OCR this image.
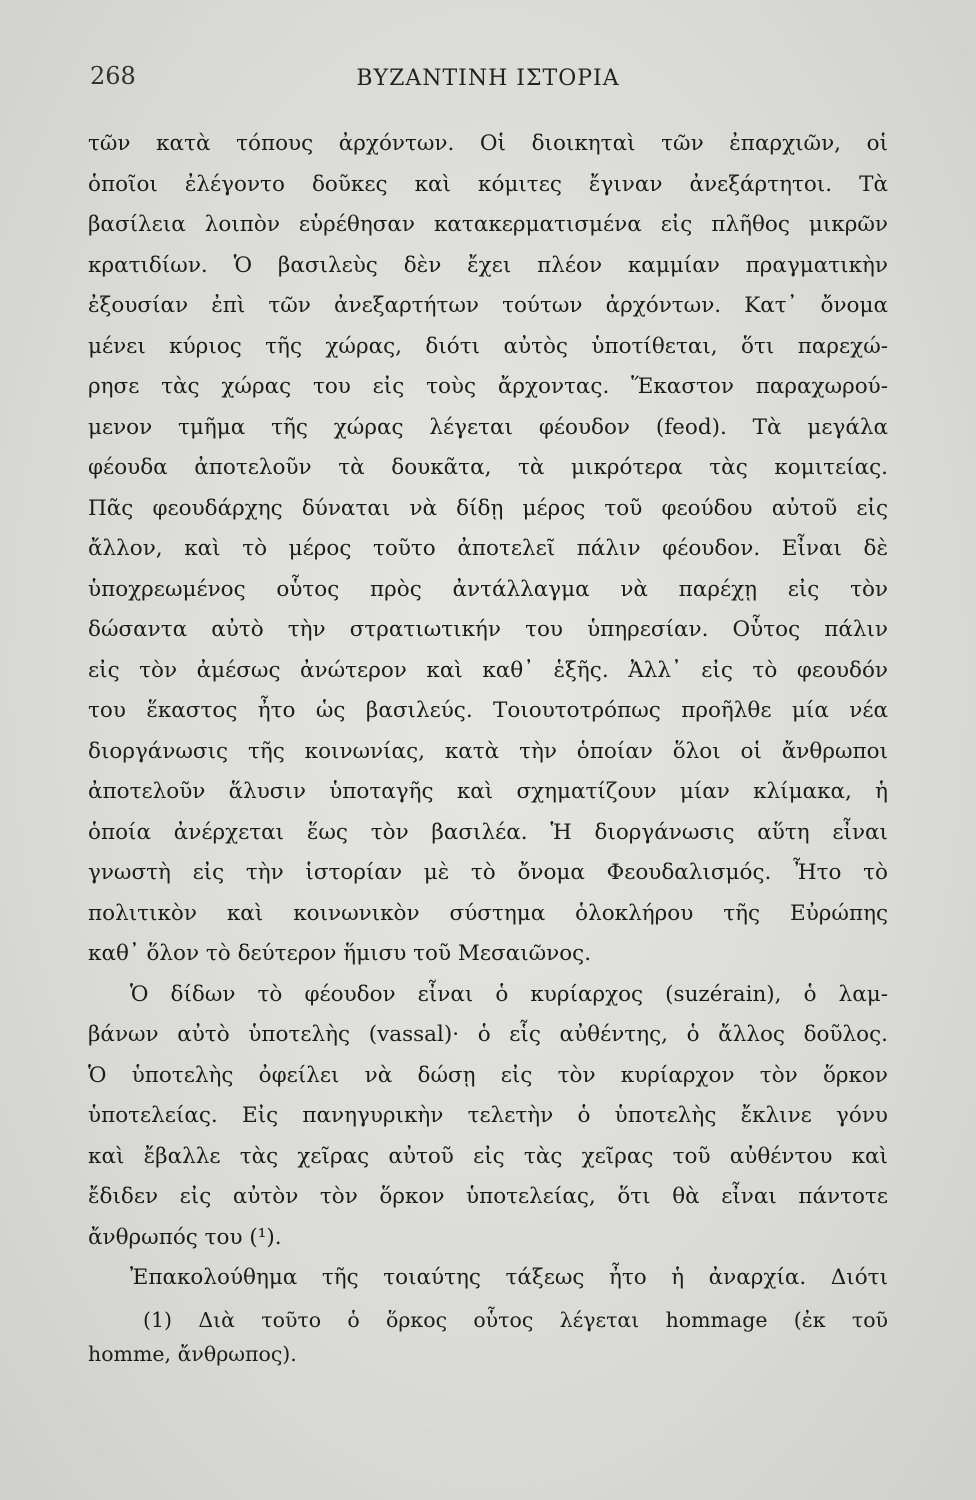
268	ΒΥΖΑΝΤΙΝΗ ΙΣΤΟΡΙΑ
τῶν κατὰ τόπους ἀρχόντων. Οἱ διοικηταὶ τῶν ἐπαρχιῶν, οἱ
ὁποῖοι ἐλέγοντο δοῦκες καὶ κόμιτες ἔγιναν ἀνεξάρτητοι. Τὰ
βασίλεια λοιπὸν εὑρέθησαν κατακερματισμένα εἰς πλῆθος μικρῶν
κρατιδίων. Ὁ βασιλεὺς δὲν ἔχει πλέον καμμίαν πραγματικὴν
ἐξουσίαν ἐπὶ τῶν ἀνεξαρτήτων τούτων ἀρχόντων. Κατ᾽ ὄνομα
μένει κύριος τῆς χώρας, διότι αὐτὸς ὑποτίθεται, ὅτι παρεχώ-
ρησε τὰς χώρας του εἰς τοὺς ἄρχοντας. Ἕκαστον παραχωρού-
μενον τμῆμα τῆς χώρας λέγεται φέουδον (feod). Τὰ μεγάλα
φέουδα ἀποτελοῦν τὰ δουκᾶτα, τὰ μικρότερα τὰς κομιτείας.
Πᾶς φεουδάρχης δύναται νὰ δίδῃ μέρος τοῦ φεούδου αὐτοῦ εἰς
ἄλλον, καὶ τὸ μέρος τοῦτο ἀποτελεῖ πάλιν φέουδον. Εἶναι δὲ
ὑποχρεωμένος οὗτος πρὸς ἀντάλλαγμα νὰ παρέχῃ εἰς τὸν
δώσαντα αὐτὸ τὴν στρατιωτικήν του ὑπηρεσίαν. Οὗτος πάλιν
εἰς τὸν ἀμέσως ἀνώτερον καὶ καθ᾽ ἑξῆς. Ἀλλ᾽ εἰς τὸ φεουδόν
του ἕκαστος ἦτο ὡς βασιλεύς. Τοιουτοτρόπως προῆλθε μία νέα
διοργάνωσις τῆς κοινωνίας, κατὰ τὴν ὁποίαν ὅλοι οἱ ἄνθρωποι
ἀποτελοῦν ἅλυσιν ὑποταγῆς καὶ σχηματίζουν μίαν κλίμακα, ἡ
ὁποία ἀνέρχεται ἕως τὸν βασιλέα. Ἡ διοργάνωσις αὕτη εἶναι
γνωστὴ εἰς τὴν ἱστορίαν μὲ τὸ ὄνομα Φεουδαλισμός. Ἦτο τὸ
πολιτικὸν καὶ κοινωνικὸν σύστημα ὁλοκλήρου τῆς Εὐρώπης
καθ᾽ ὅλον τὸ δεύτερον ἥμισυ τοῦ Μεσαιῶνος.
Ὁ δίδων τὸ φέουδον εἶναι ὁ κυρίαρχος (suzérain), ὁ λαμ-
βάνων αὐτὸ ὑποτελὴς (vassal)· ὁ εἷς αὐθέντης, ὁ ἄλλος δοῦλος.
Ὁ ὑποτελὴς ὀφείλει νὰ δώσῃ εἰς τὸν κυρίαρχον τὸν ὅρκον
ὑποτελείας. Εἰς πανηγυρικὴν τελετὴν ὁ ὑποτελὴς ἔκλινε γόνυ
καὶ ἔβαλλε τὰς χεῖρας αὐτοῦ εἰς τὰς χεῖρας τοῦ αὐθέντου καὶ
ἔδιδεν εἰς αὐτὸν τὸν ὅρκον ὑποτελείας, ὅτι θὰ εἶναι πάντοτε
ἄνθρωπός του (¹).
Ἐπακολούθημα τῆς τοιαύτης τάξεως ἦτο ἡ ἀναρχία. Διότι
(1) Διὰ τοῦτο ὁ ὅρκος οὗτος λέγεται hommage (ἐκ τοῦ
homme, ἄνθρωπος).
